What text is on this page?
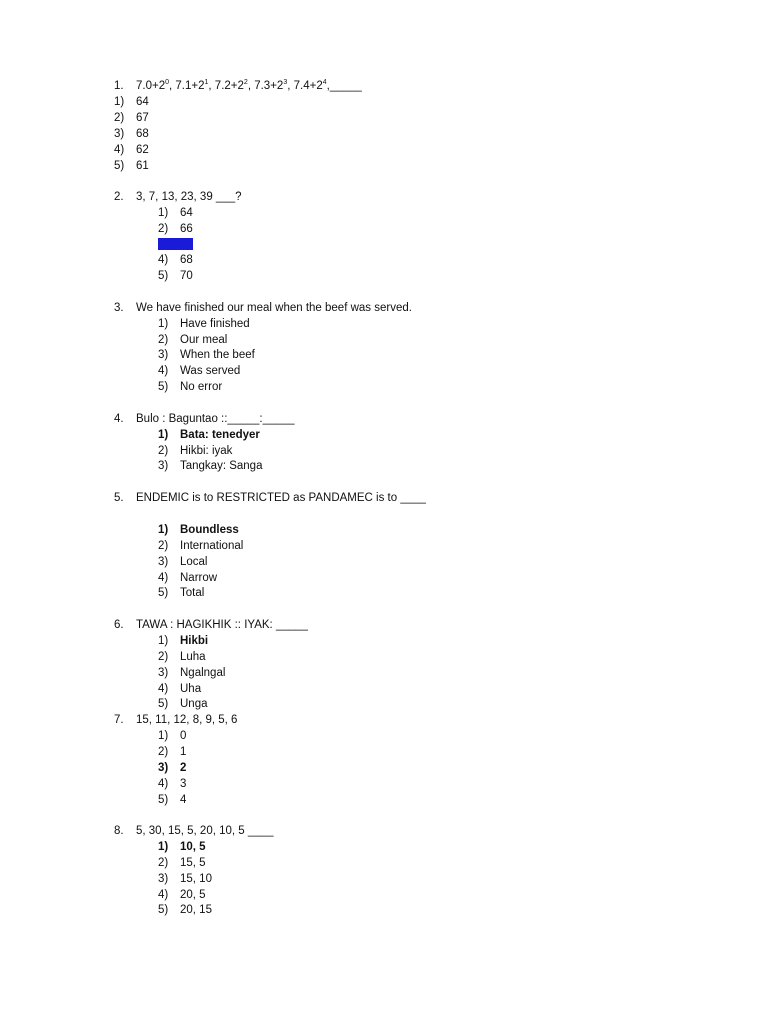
1. $7.0+2^0$, $7.1+2^1$, $7.2+2^2$, $7.3+2^3$, $7.4+2^4,\_\_\_\_\_$
1) 64
2) 67
3) 68
4) 62
5) 61
2. 3, 7, 13, 23, 39 ___?
1) 64
2) 66
3) 55
4) 68
5) 70
3. We have finished our meal when the beef was served.
1) Have finished
2) Our meal
3) When the beef
4) Was served
5) No error
4. Bulo : Baguntao ::_____:_____
1) Bata: tenedyer
2) Hikbi: iyak
3) Tangkay: Sanga
5. ENDEMIC is to RESTRICTED as PANDAMEC is to ____
1) Boundless
2) International
3) Local
4) Narrow
5) Total
6. TAWA : HAGIKHIK :: IYAK: _____
1) Hikbi
2) Luha
3) Ngalngal
4) Uha
5) Unga
7. 15, 11, 12, 8, 9, 5, 6
1) 0
2) 1
3) 2
4) 3
5) 4
8. 5, 30, 15, 5, 20, 10, 5 ____
1) 10, 5
2) 15, 5
3) 15, 10
4) 20, 5
5) 20, 15
